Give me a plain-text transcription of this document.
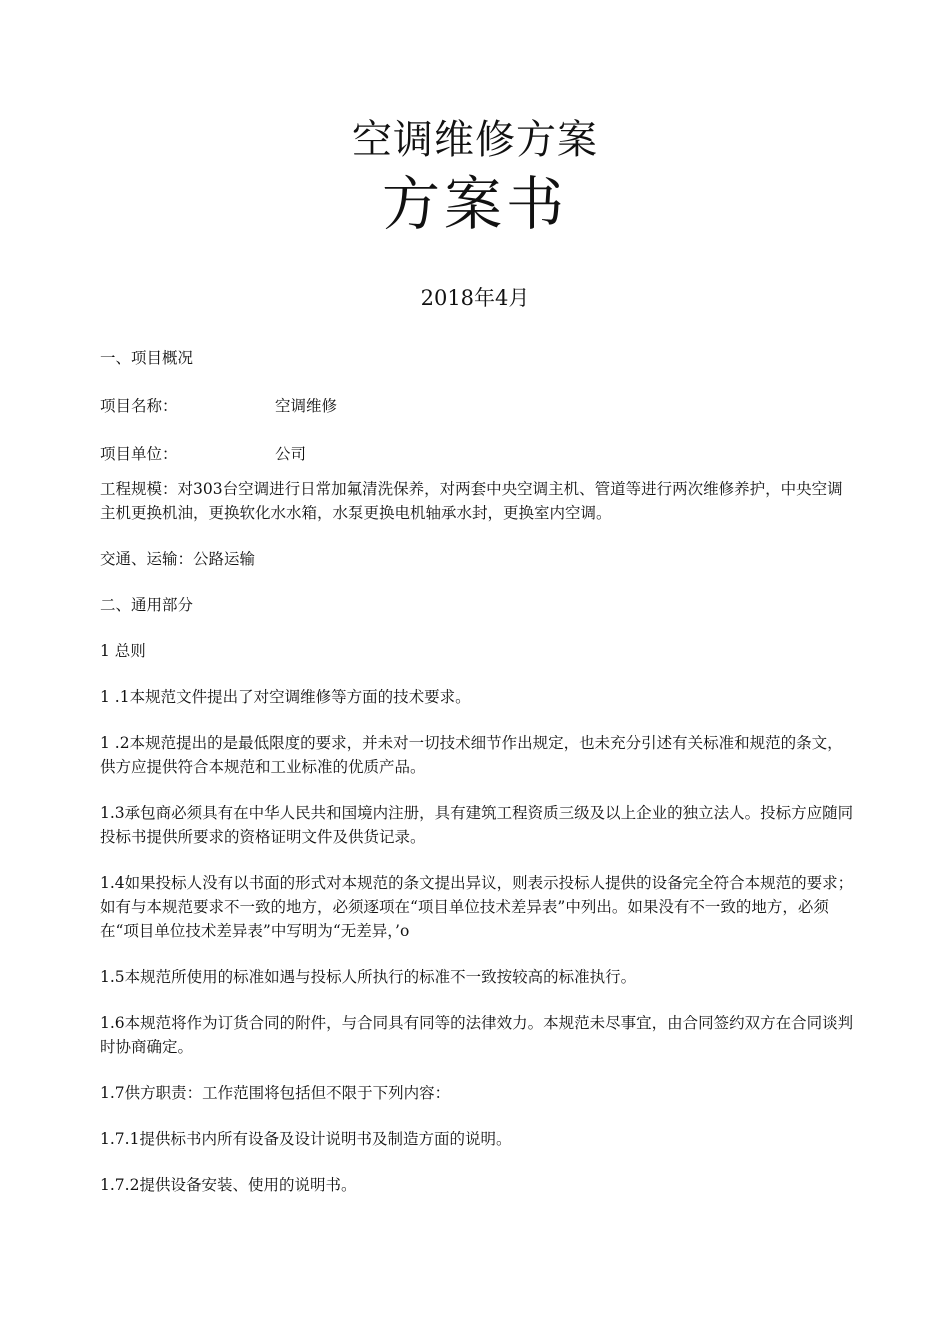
空调维修方案
方案书
2018年4月

一、项目概况

项目名称：	空调维修
项目单位：	公司

工程规模：对303台空调进行日常加氟清洗保养，对两套中央空调主机、管道等进行两次维修养护，中央空调主机更换机油，更换软化水水箱，水泵更换电机轴承水封，更换室内空调。

交通、运输：公路运输

二、通用部分

1 总则

1 .1本规范文件提出了对空调维修等方面的技术要求。

1 .2本规范提出的是最低限度的要求，并未对一切技术细节作出规定，也未充分引述有关标准和规范的条文，供方应提供符合本规范和工业标准的优质产品。

1.3承包商必须具有在中华人民共和国境内注册，具有建筑工程资质三级及以上企业的独立法人。投标方应随同投标书提供所要求的资格证明文件及供货记录。

1.4如果投标人没有以书面的形式对本规范的条文提出异议，则表示投标人提供的设备完全符合本规范的要求；如有与本规范要求不一致的地方，必须逐项在“项目单位技术差异表”中列出。如果没有不一致的地方，必须在“项目单位技术差异表”中写明为“无差异，’o

1.5本规范所使用的标准如遇与投标人所执行的标准不一致按较高的标准执行。

1.6本规范将作为订货合同的附件，与合同具有同等的法律效力。本规范未尽事宜，由合同签约双方在合同谈判时协商确定。

1.7供方职责：工作范围将包括但不限于下列内容：

1.7.1提供标书内所有设备及设计说明书及制造方面的说明。

1.7.2提供设备安装、使用的说明书。
